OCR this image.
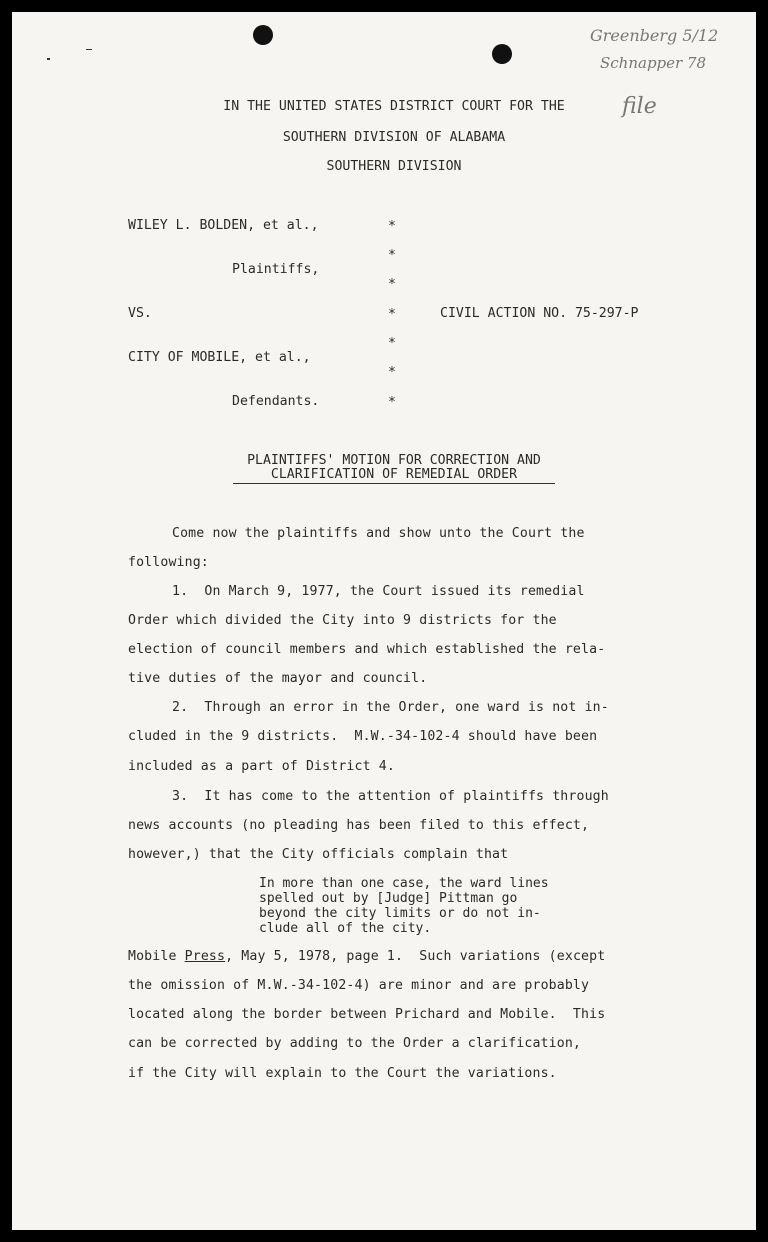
Greenberg 5/12
Schnapper 78
file
IN THE UNITED STATES DISTRICT COURT FOR THE
SOUTHERN DIVISION OF ALABAMA
SOUTHERN DIVISION
WILEY L. BOLDEN, et al.,
Plaintiffs,
VS.	CIVIL ACTION NO. 75-297-P
CITY OF MOBILE, et al.,
Defendants.
*
*
*
*
*
*
*
PLAINTIFFS' MOTION FOR CORRECTION AND
CLARIFICATION OF REMEDIAL ORDER
Come now the plaintiffs and show unto the Court the
following:
1.  On March 9, 1977, the Court issued its remedial
Order which divided the City into 9 districts for the
election of council members and which established the rela-
tive duties of the mayor and council.
2.  Through an error in the Order, one ward is not in-
cluded in the 9 districts.  M.W.-34-102-4 should have been
included as a part of District 4.
3.  It has come to the attention of plaintiffs through
news accounts (no pleading has been filed to this effect,
however,) that the City officials complain that
In more than one case, the ward lines
spelled out by [Judge] Pittman go
beyond the city limits or do not in-
clude all of the city.
Mobile Press, May 5, 1978, page 1.  Such variations (except
the omission of M.W.-34-102-4) are minor and are probably
located along the border between Prichard and Mobile.  This
can be corrected by adding to the Order a clarification,
if the City will explain to the Court the variations.
